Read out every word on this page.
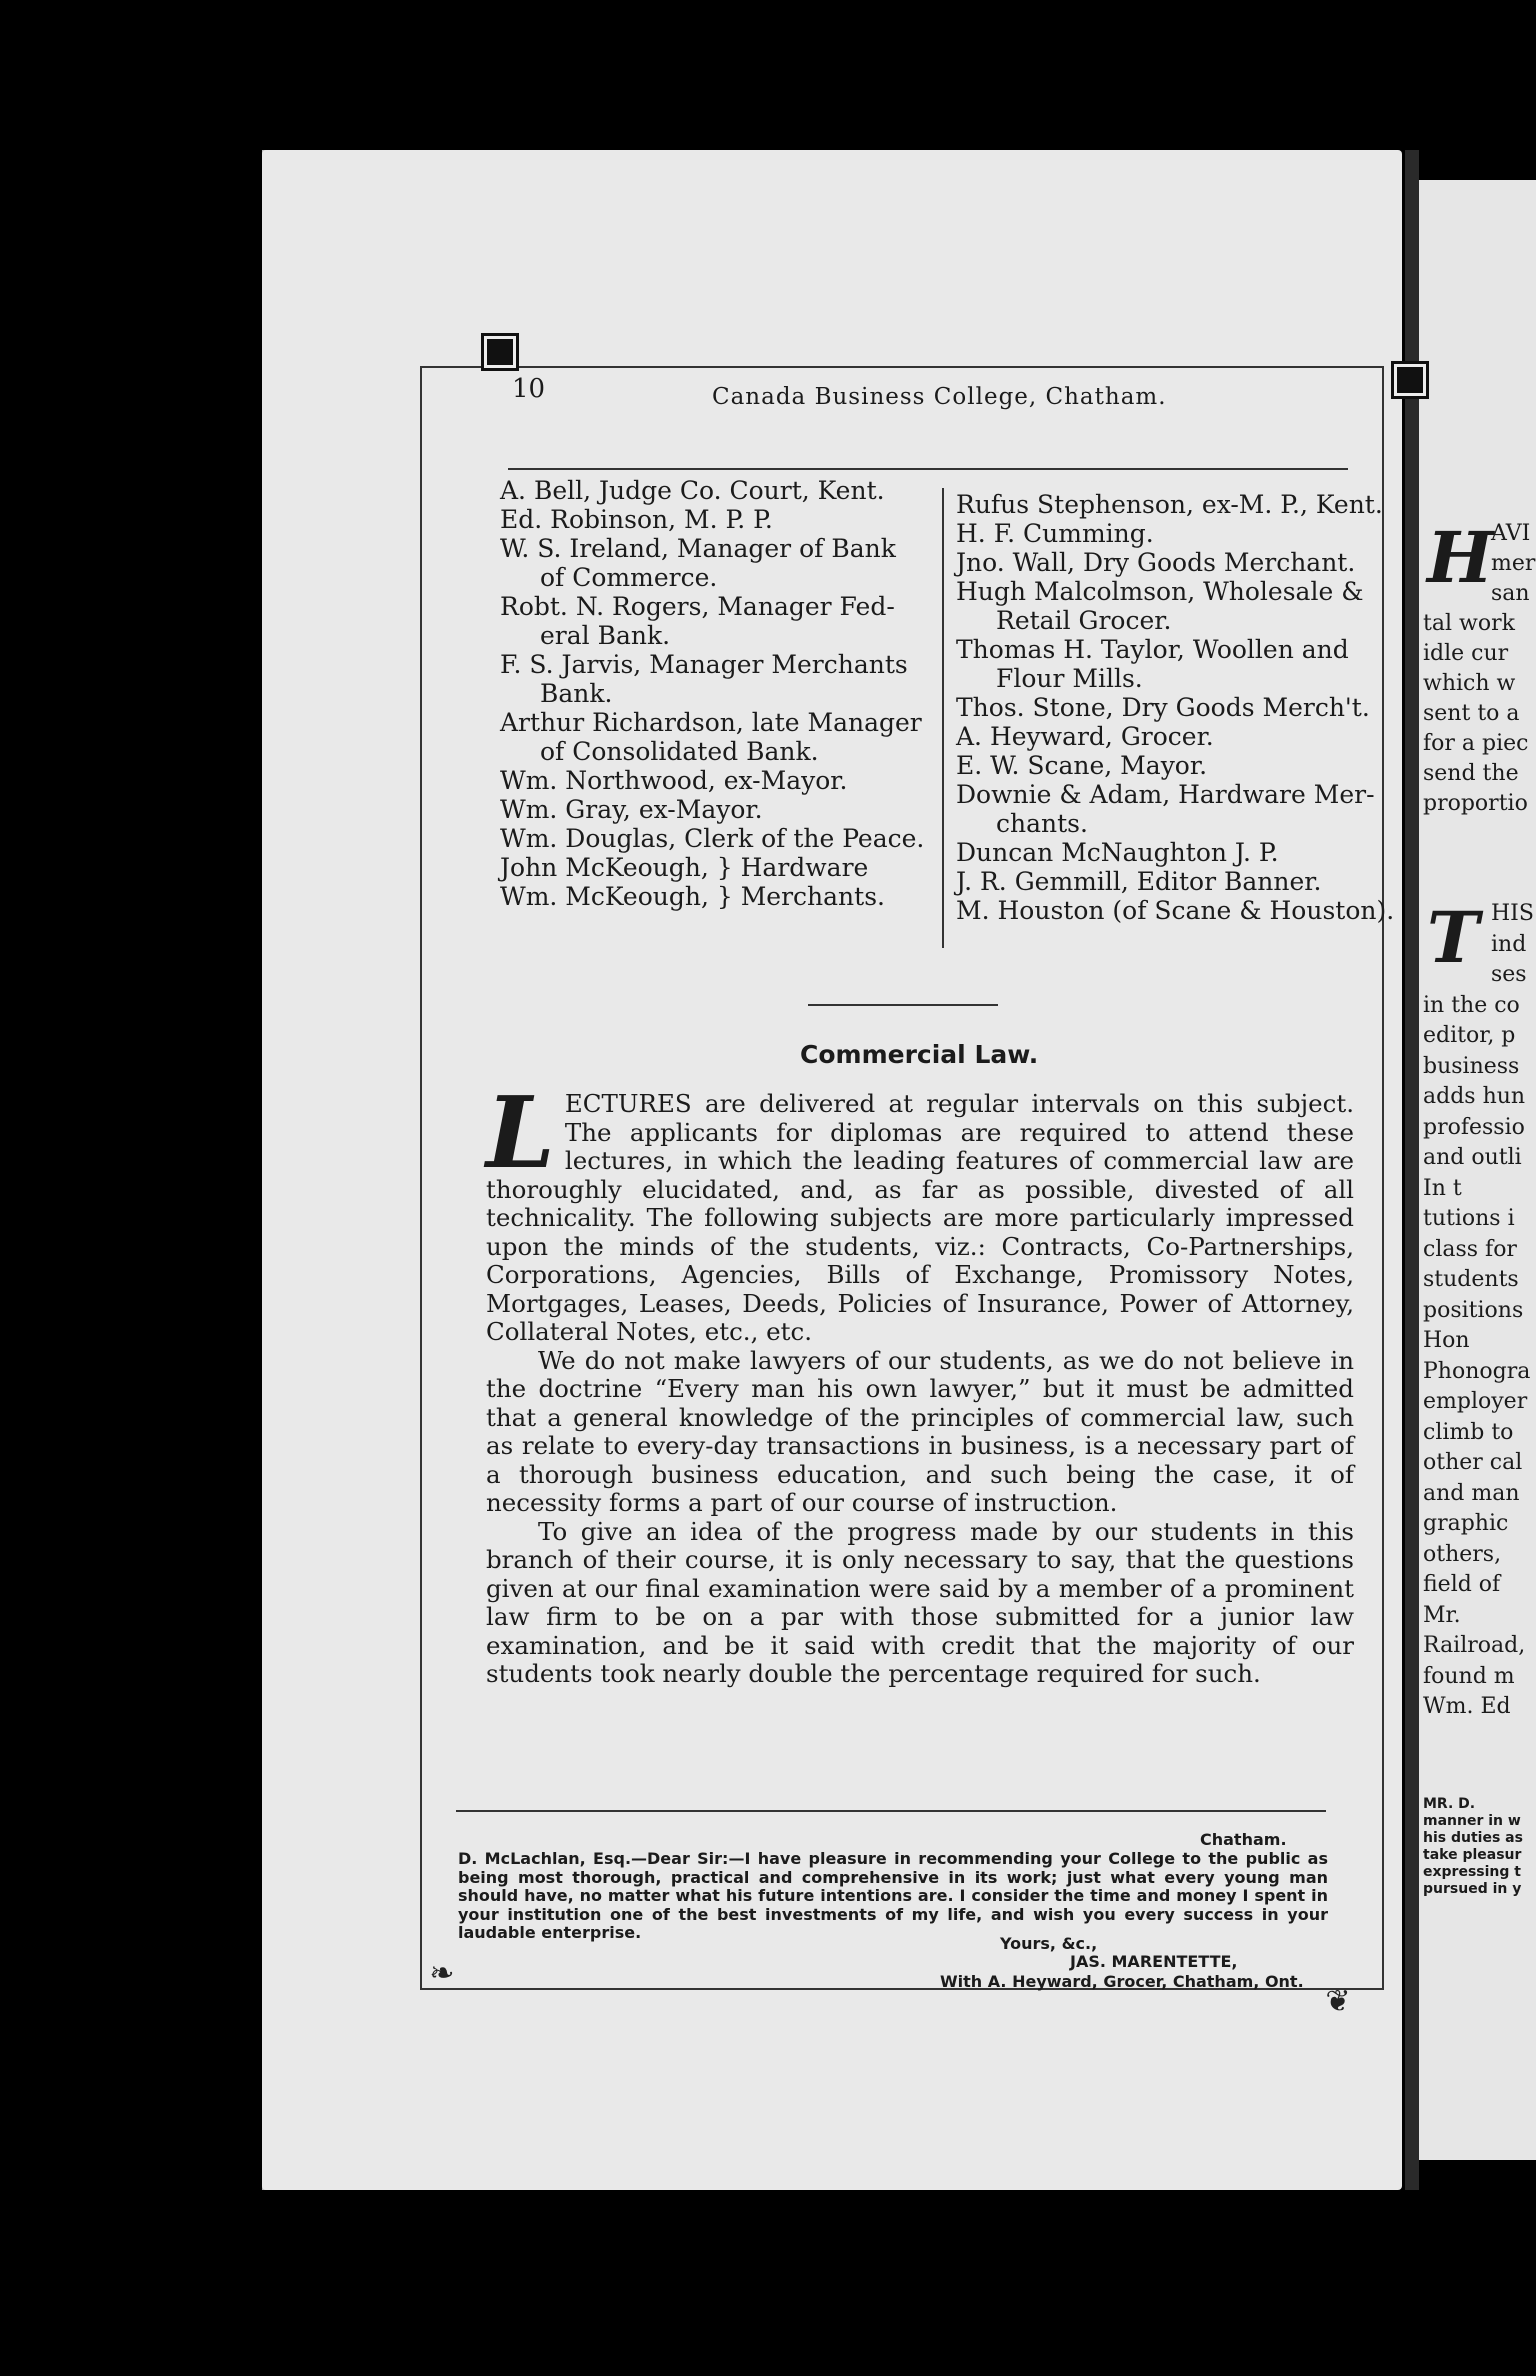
H
AVI
mer
san
tal work
idle cur
which w
sent to a
for a piec
send the
proportio
T HIS
ind
ses
in the co
editor, p
business
adds hun
professio
and outli
In t
tutions i
class for
students
positions
Hon
Phonogra
employer
climb to
other cal
and man
graphic
others,
field of
Mr.
Railroad,
found m
Wm. Ed
MR. D.
manner in w
his duties as
take pleasur
expressing t
pursued in y
❧
❦
10	Canada Business College, Chatham.
A. Bell, Judge Co. Court, Kent.
Ed. Robinson, M. P. P.
W. S. Ireland, Manager of Bank
of Commerce.
Robt. N. Rogers, Manager Fed-
eral Bank.
F. S. Jarvis, Manager Merchants
Bank.
Arthur Richardson, late Manager
of Consolidated Bank.
Wm. Northwood, ex-Mayor.
Wm. Gray, ex-Mayor.
Wm. Douglas, Clerk of the Peace.
John McKeough, } Hardware
Wm. McKeough, } Merchants.
Rufus Stephenson, ex-M. P., Kent.
H. F. Cumming.
Jno. Wall, Dry Goods Merchant.
Hugh Malcolmson, Wholesale &
Retail Grocer.
Thomas H. Taylor, Woollen and
Flour Mills.
Thos. Stone, Dry Goods Merch't.
A. Heyward, Grocer.
E. W. Scane, Mayor.
Downie & Adam, Hardware Mer-
chants.
Duncan McNaughton J. P.
J. R. Gemmill, Editor Banner.
M. Houston (of Scane & Houston).
Commercial Law.

LECTURES are delivered at regular intervals on this subject. The applicants for diplomas are required to attend these lectures, in which the leading features of commercial law are thoroughly elucidated, and, as far as possible, divested of all technicality. The following subjects are more particularly impressed upon the minds of the students, viz.: Contracts, Co-Partnerships, Corporations, Agencies, Bills of Exchange, Promissory Notes, Mortgages, Leases, Deeds, Policies of Insurance, Power of Attorney, Collateral Notes, etc., etc.

We do not make lawyers of our students, as we do not believe in the doctrine “Every man his own lawyer,” but it must be admitted that a general knowledge of the principles of commercial law, such as relate to every-day transactions in business, is a necessary part of a thorough business education, and such being the case, it of necessity forms a part of our course of instruction.

To give an idea of the progress made by our students in this branch of their course, it is only necessary to say, that the questions given at our final examination were said by a member of a prominent law firm to be on a par with those submitted for a junior law examination, and be it said with credit that the majority of our students took nearly double the percentage required for such.

Chatham.

D. McLachlan, Esq.—Dear Sir:—I have pleasure in recommending your College to the public as being most thorough, practical and comprehensive in its work; just what every young man should have, no matter what his future intentions are. I consider the time and money I spent in your institution one of the best investments of my life, and wish you every success in your laudable enterprise.

Yours, &c.,
JAS. MARENTETTE,
With A. Heyward, Grocer, Chatham, Ont.
